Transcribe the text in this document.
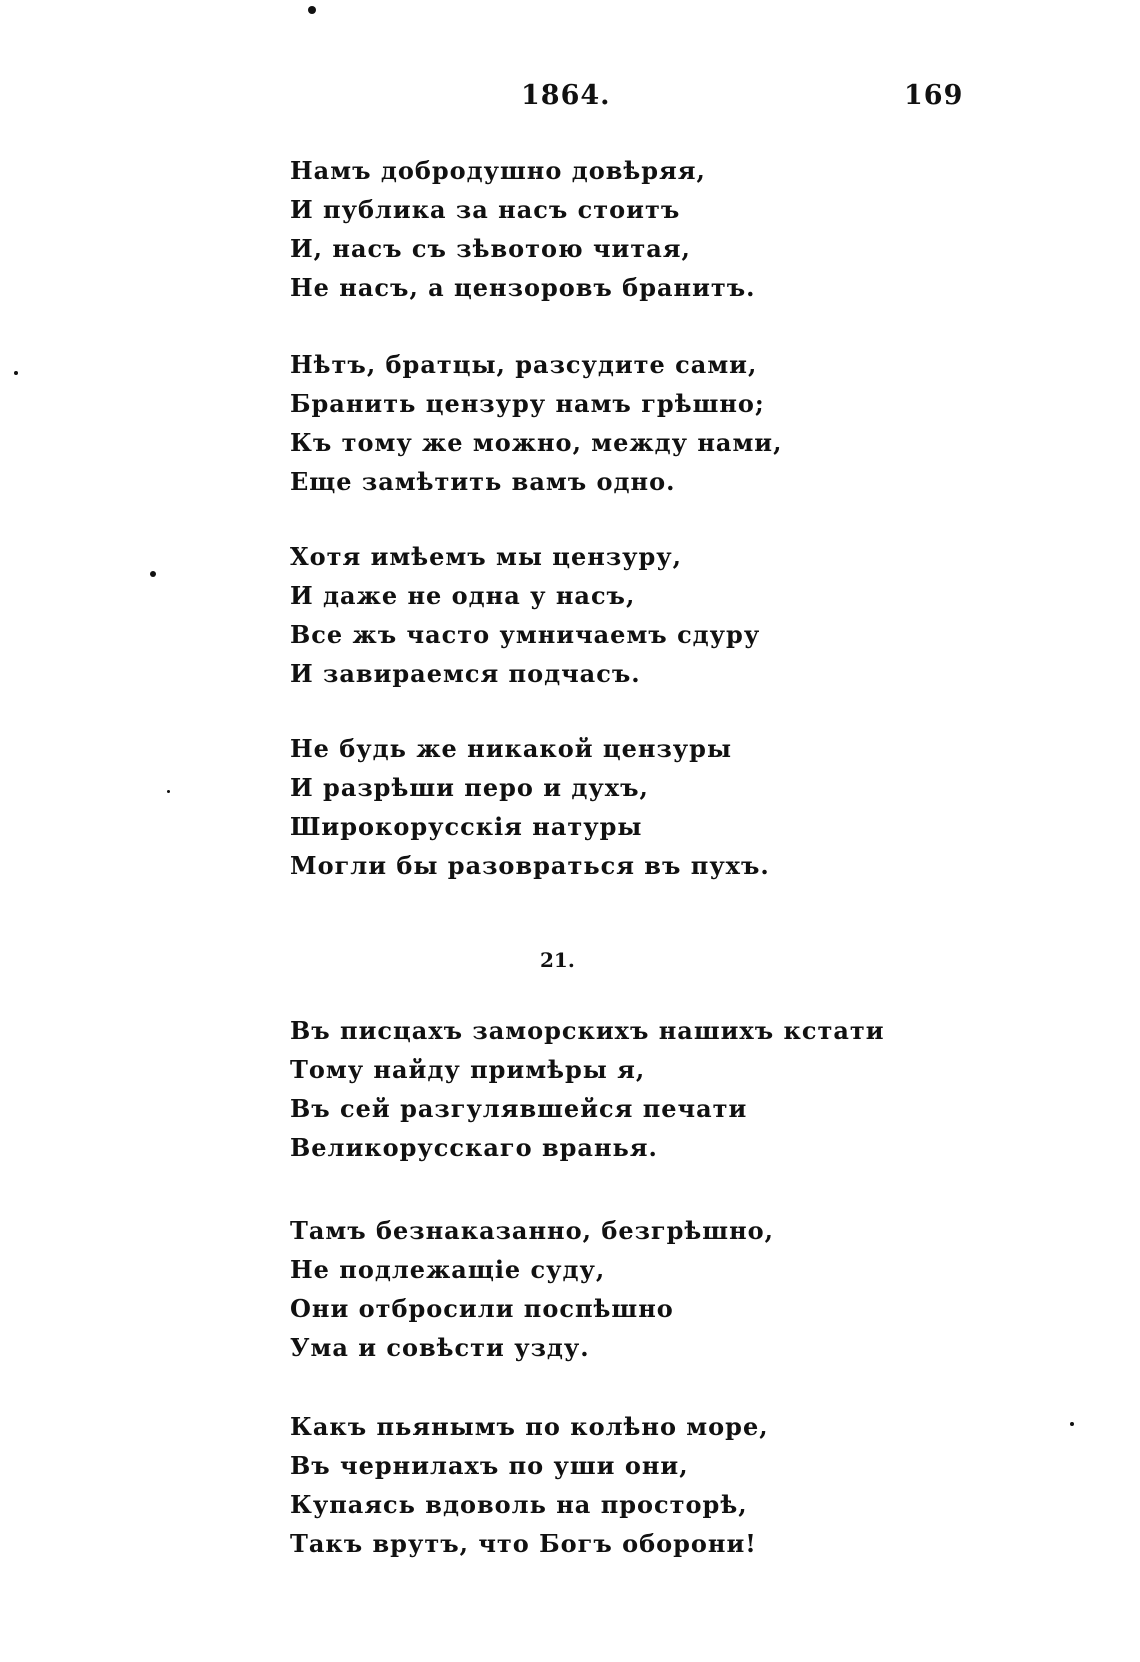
1864.	169
Намъ добродушно довѣряя,
И публика за насъ стоитъ
И, насъ съ зѣвотою читая,
Не насъ, а цензоровъ бранитъ.
Нѣтъ, братцы, разсудите сами,
Бранить цензуру намъ грѣшно;
Къ тому же можно, между нами,
Еще замѣтить вамъ одно.
Хотя имѣемъ мы цензуру,
И даже не одна у насъ,
Все жъ часто умничаемъ сдуру
И завираемся подчасъ.
Не будь же никакой цензуры
И разрѣши перо и духъ,
Широкорусскія натуры
Могли бы разовраться въ пухъ.
21.
Въ писцахъ заморскихъ нашихъ кстати
Тому найду примѣры я,
Въ сей разгулявшейся печати
Великорусскаго вранья.
Тамъ безнаказанно, безгрѣшно,
Не подлежащіе суду,
Они отбросили поспѣшно
Ума и совѣсти узду.
Какъ пьянымъ по колѣно море,
Въ чернилахъ по уши они,
Купаясь вдоволь на просторѣ,
Такъ врутъ, что Богъ оборони!
